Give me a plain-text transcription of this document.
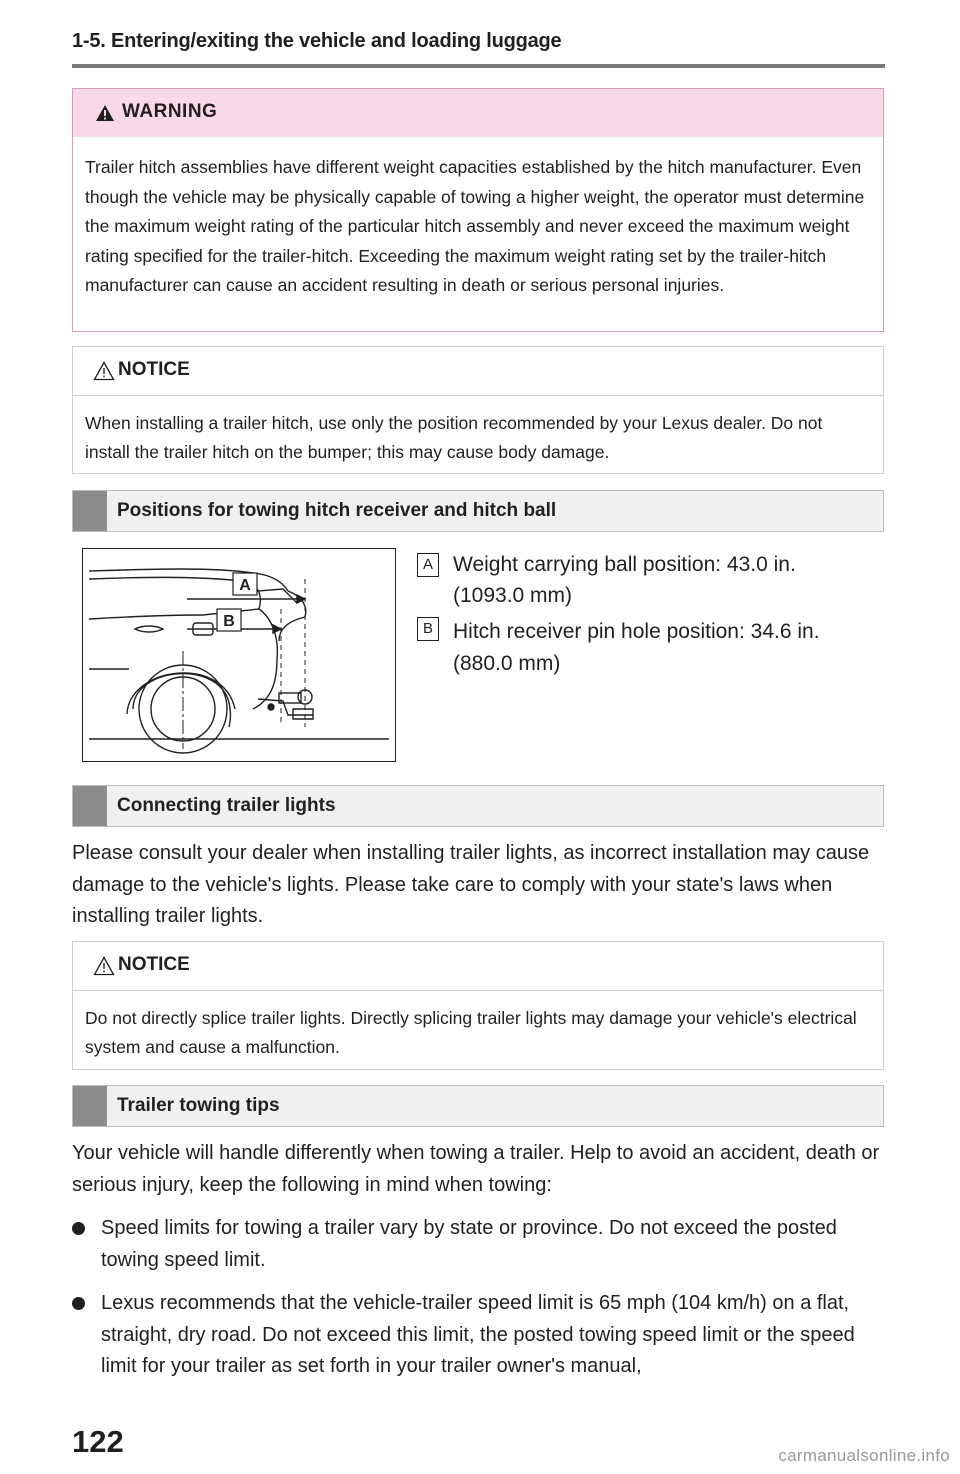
1-5. Entering/exiting the vehicle and loading luggage
WARNING
Trailer hitch assemblies have different weight capacities established by the hitch manufacturer. Even though the vehicle may be physically capable of towing a higher weight, the operator must determine the maximum weight rating of the particular hitch assembly and never exceed the maximum weight rating specified for the trailer-hitch. Exceeding the maximum weight rating set by the trailer-hitch manufacturer can cause an accident resulting in death or serious personal injuries.
NOTICE
When installing a trailer hitch, use only the position recommended by your Lexus dealer. Do not install the trailer hitch on the bumper; this may cause body damage.
Positions for towing hitch receiver and hitch ball
A
B
A Weight carrying ball position: 43.0 in.
(1093.0 mm)
B Hitch receiver pin hole position: 34.6 in.
(880.0 mm)
Connecting trailer lights
Please consult your dealer when installing trailer lights, as incorrect installation may cause damage to the vehicle's lights. Please take care to comply with your state's laws when installing trailer lights.
NOTICE
Do not directly splice trailer lights. Directly splicing trailer lights may damage your vehicle's electrical system and cause a malfunction.
Trailer towing tips
Your vehicle will handle differently when towing a trailer. Help to avoid an accident, death or serious injury, keep the following in mind when towing:
Speed limits for towing a trailer vary by state or province. Do not exceed the posted towing speed limit.
Lexus recommends that the vehicle-trailer speed limit is 65 mph (104 km/h) on a flat, straight, dry road. Do not exceed this limit, the posted towing speed limit or the speed limit for your trailer as set forth in your trailer owner's manual,
122	carmanualsonline.info
